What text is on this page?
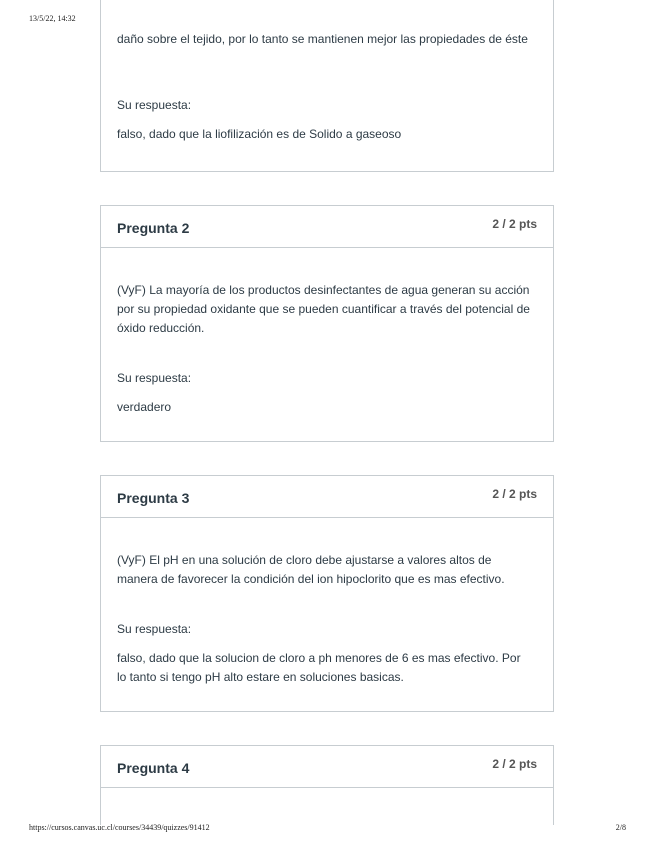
13/5/22, 14:32
daño sobre el tejido, por lo tanto se mantienen mejor las propiedades de éste
Su respuesta:
falso, dado que la liofilización es de Solido a gaseoso
Pregunta 2	2 / 2 pts
(VyF) La mayoría de los productos desinfectantes de agua generan su acción por su propiedad oxidante que se pueden cuantificar a través del potencial de óxido reducción.
Su respuesta:
verdadero
Pregunta 3	2 / 2 pts
(VyF) El pH en una solución de cloro debe ajustarse a valores altos de manera de favorecer la condición del ion hipoclorito que es mas efectivo.
Su respuesta:
falso, dado que la solucion de cloro a ph menores de 6 es mas efectivo. Por lo tanto si tengo pH alto estare en soluciones basicas.
Pregunta 4	2 / 2 pts
https://cursos.canvas.uc.cl/courses/34439/quizzes/91412	2/8
